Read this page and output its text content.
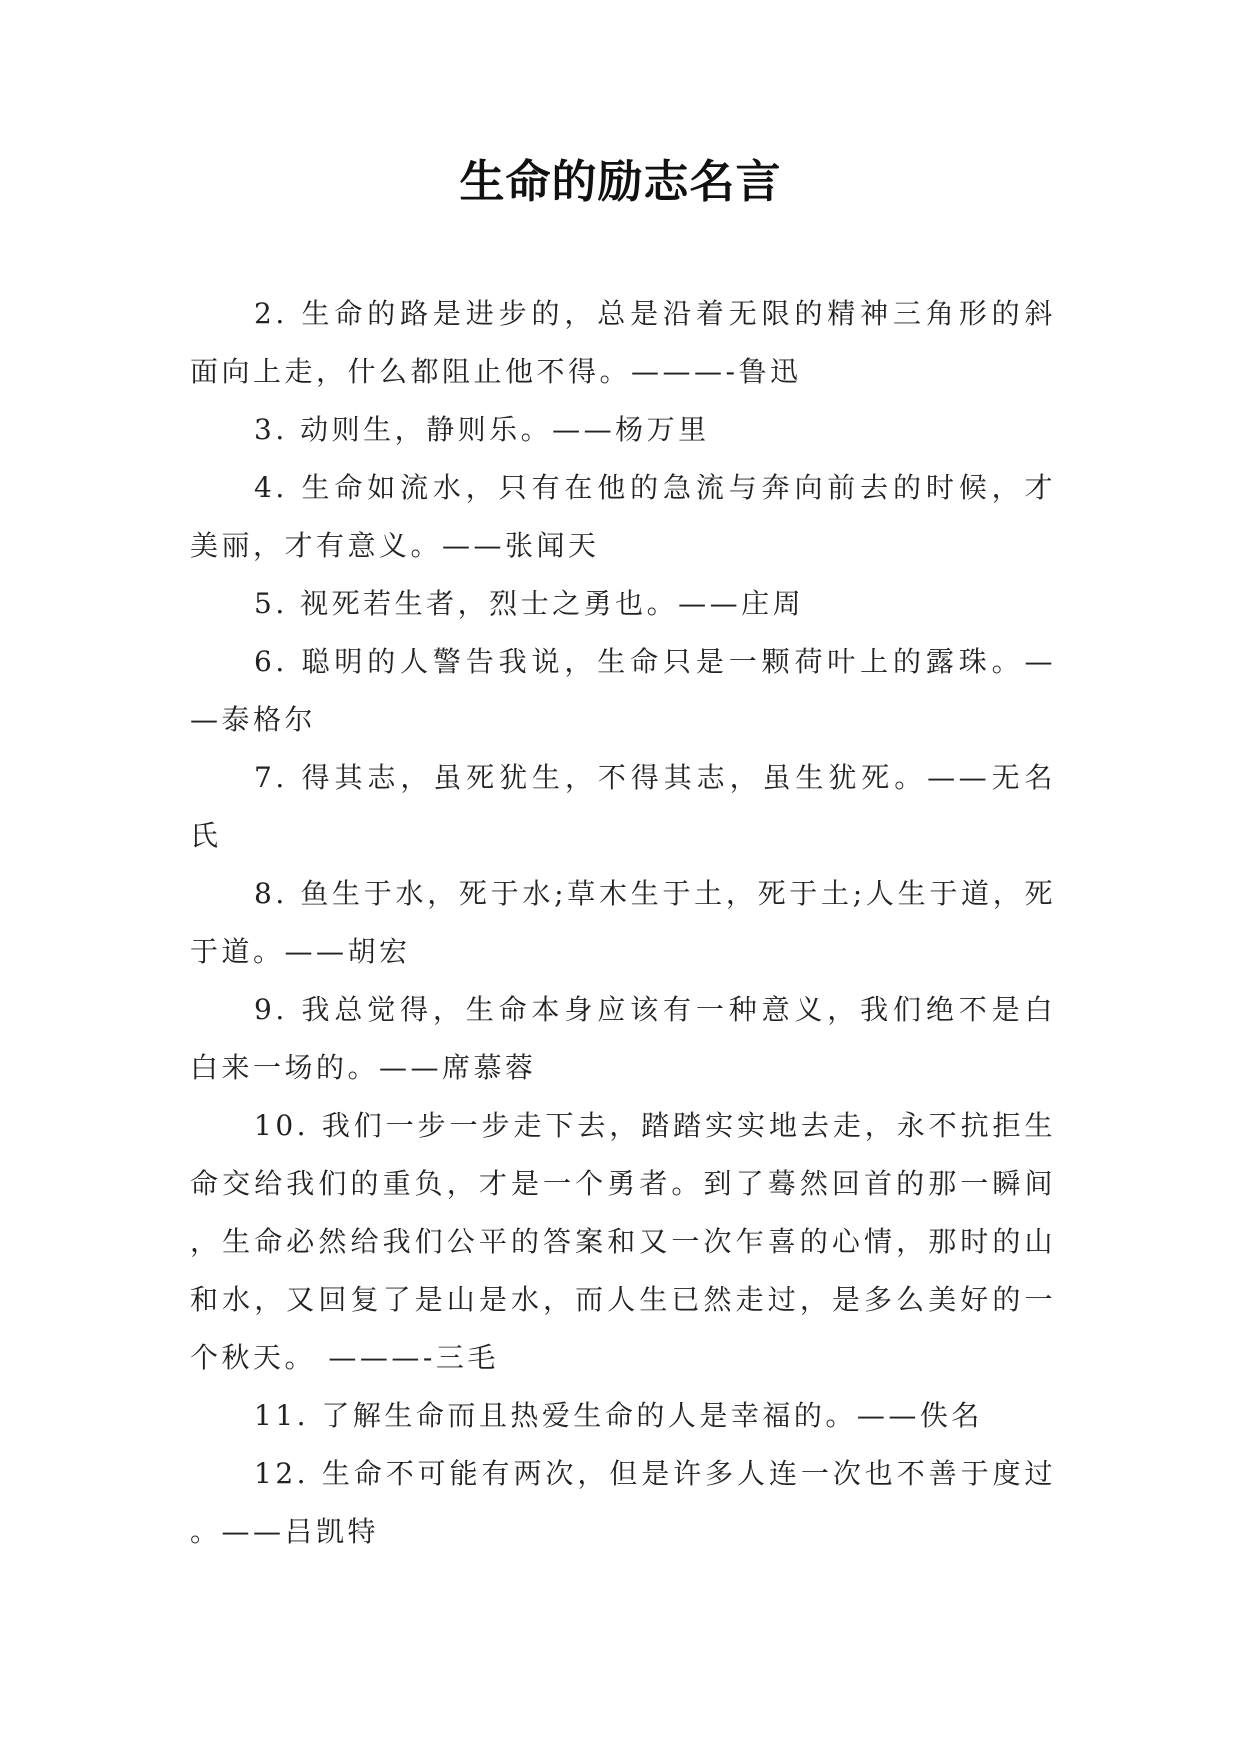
生命的励志名言

2. 生命的路是进步的，总是沿着无限的精神三角形的斜面向上走，什么都阻止他不得。———-鲁迅

3. 动则生，静则乐。——杨万里

4. 生命如流水，只有在他的急流与奔向前去的时候，才美丽，才有意义。——张闻天

5. 视死若生者，烈士之勇也。——庄周

6. 聪明的人警告我说，生命只是一颗荷叶上的露珠。——泰格尔

7. 得其志，虽死犹生，不得其志，虽生犹死。——无名氏

8. 鱼生于水，死于水;草木生于土，死于土;人生于道，死于道。——胡宏

9. 我总觉得，生命本身应该有一种意义，我们绝不是白白来一场的。——席慕蓉

10. 我们一步一步走下去，踏踏实实地去走，永不抗拒生命交给我们的重负，才是一个勇者。到了蓦然回首的那一瞬间，生命必然给我们公平的答案和又一次乍喜的心情，那时的山和水，又回复了是山是水，而人生已然走过，是多么美好的一个秋天。 ———-三毛

11. 了解生命而且热爱生命的人是幸福的。——佚名

12. 生命不可能有两次，但是许多人连一次也不善于度过。——吕凯特
